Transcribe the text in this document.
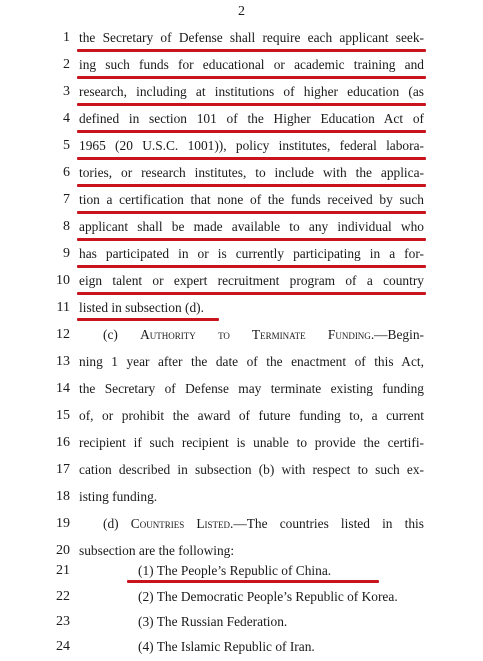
2
1 the Secretary of Defense shall require each applicant seek-
2 ing such funds for educational or academic training and
3 research, including at institutions of higher education (as
4 defined in section 101 of the Higher Education Act of
5 1965 (20 U.S.C. 1001)), policy institutes, federal labora-
6 tories, or research institutes, to include with the applica-
7 tion a certification that none of the funds received by such
8 applicant shall be made available to any individual who
9 has participated in or is currently participating in a for-
10 eign talent or expert recruitment program of a country
11 listed in subsection (d).
12 (c) Authority to Terminate Funding.—Begin-
13 ning 1 year after the date of the enactment of this Act,
14 the Secretary of Defense may terminate existing funding
15 of, or prohibit the award of future funding to, a current
16 recipient if such recipient is unable to provide the certifi-
17 cation described in subsection (b) with respect to such ex-
18 isting funding.
19 (d) Countries Listed.—The countries listed in this
20 subsection are the following:
21	(1) The People’s Republic of China.
22	(2) The Democratic People’s Republic of Korea.
23	(3) The Russian Federation.
24	(4) The Islamic Republic of Iran.
